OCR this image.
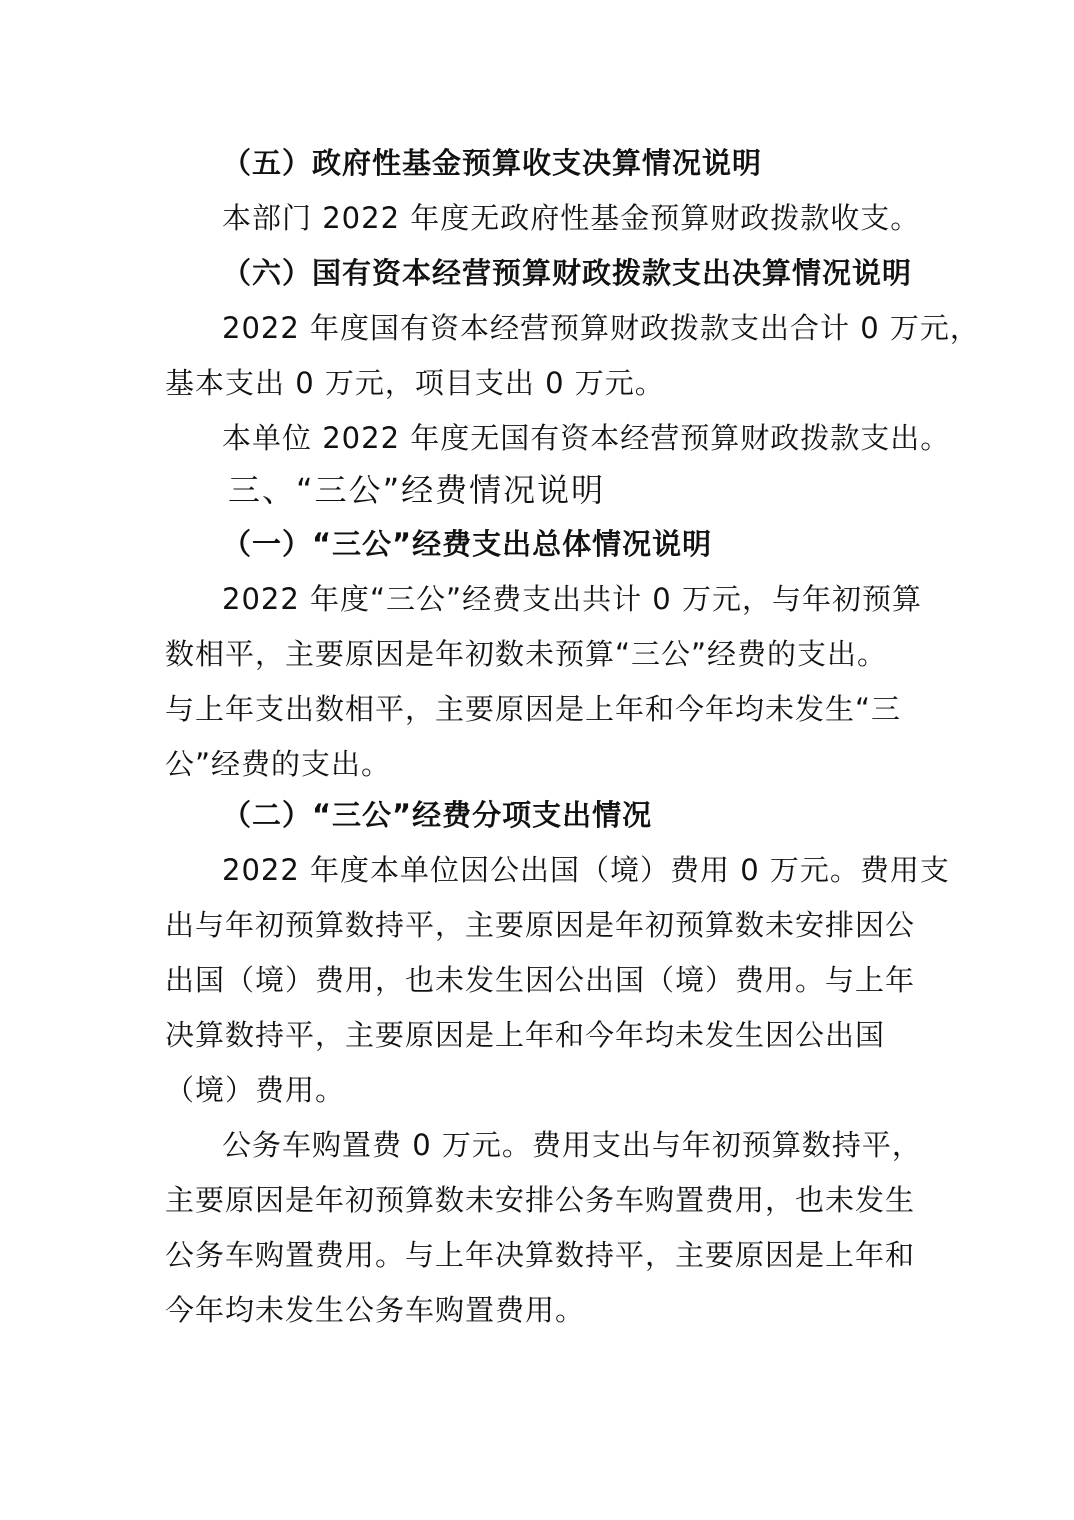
（五）政府性基金预算收支决算情况说明
本部门 2022 年度无政府性基金预算财政拨款收支。
（六）国有资本经营预算财政拨款支出决算情况说明
2022 年度国有资本经营预算财政拨款支出合计 0 万元，
基本支出 0 万元，项目支出 0 万元。
本单位 2022 年度无国有资本经营预算财政拨款支出。
三、“三公”经费情况说明
（一）“三公”经费支出总体情况说明
2022 年度“三公”经费支出共计 0 万元，与年初预算
数相平，主要原因是年初数未预算“三公”经费的支出。
与上年支出数相平，主要原因是上年和今年均未发生“三
公”经费的支出。
（二）“三公”经费分项支出情况
2022 年度本单位因公出国（境）费用 0 万元。费用支
出与年初预算数持平，主要原因是年初预算数未安排因公
出国（境）费用，也未发生因公出国（境）费用。与上年
决算数持平，主要原因是上年和今年均未发生因公出国
（境）费用。
公务车购置费 0 万元。费用支出与年初预算数持平，
主要原因是年初预算数未安排公务车购置费用，也未发生
公务车购置费用。与上年决算数持平，主要原因是上年和
今年均未发生公务车购置费用。
